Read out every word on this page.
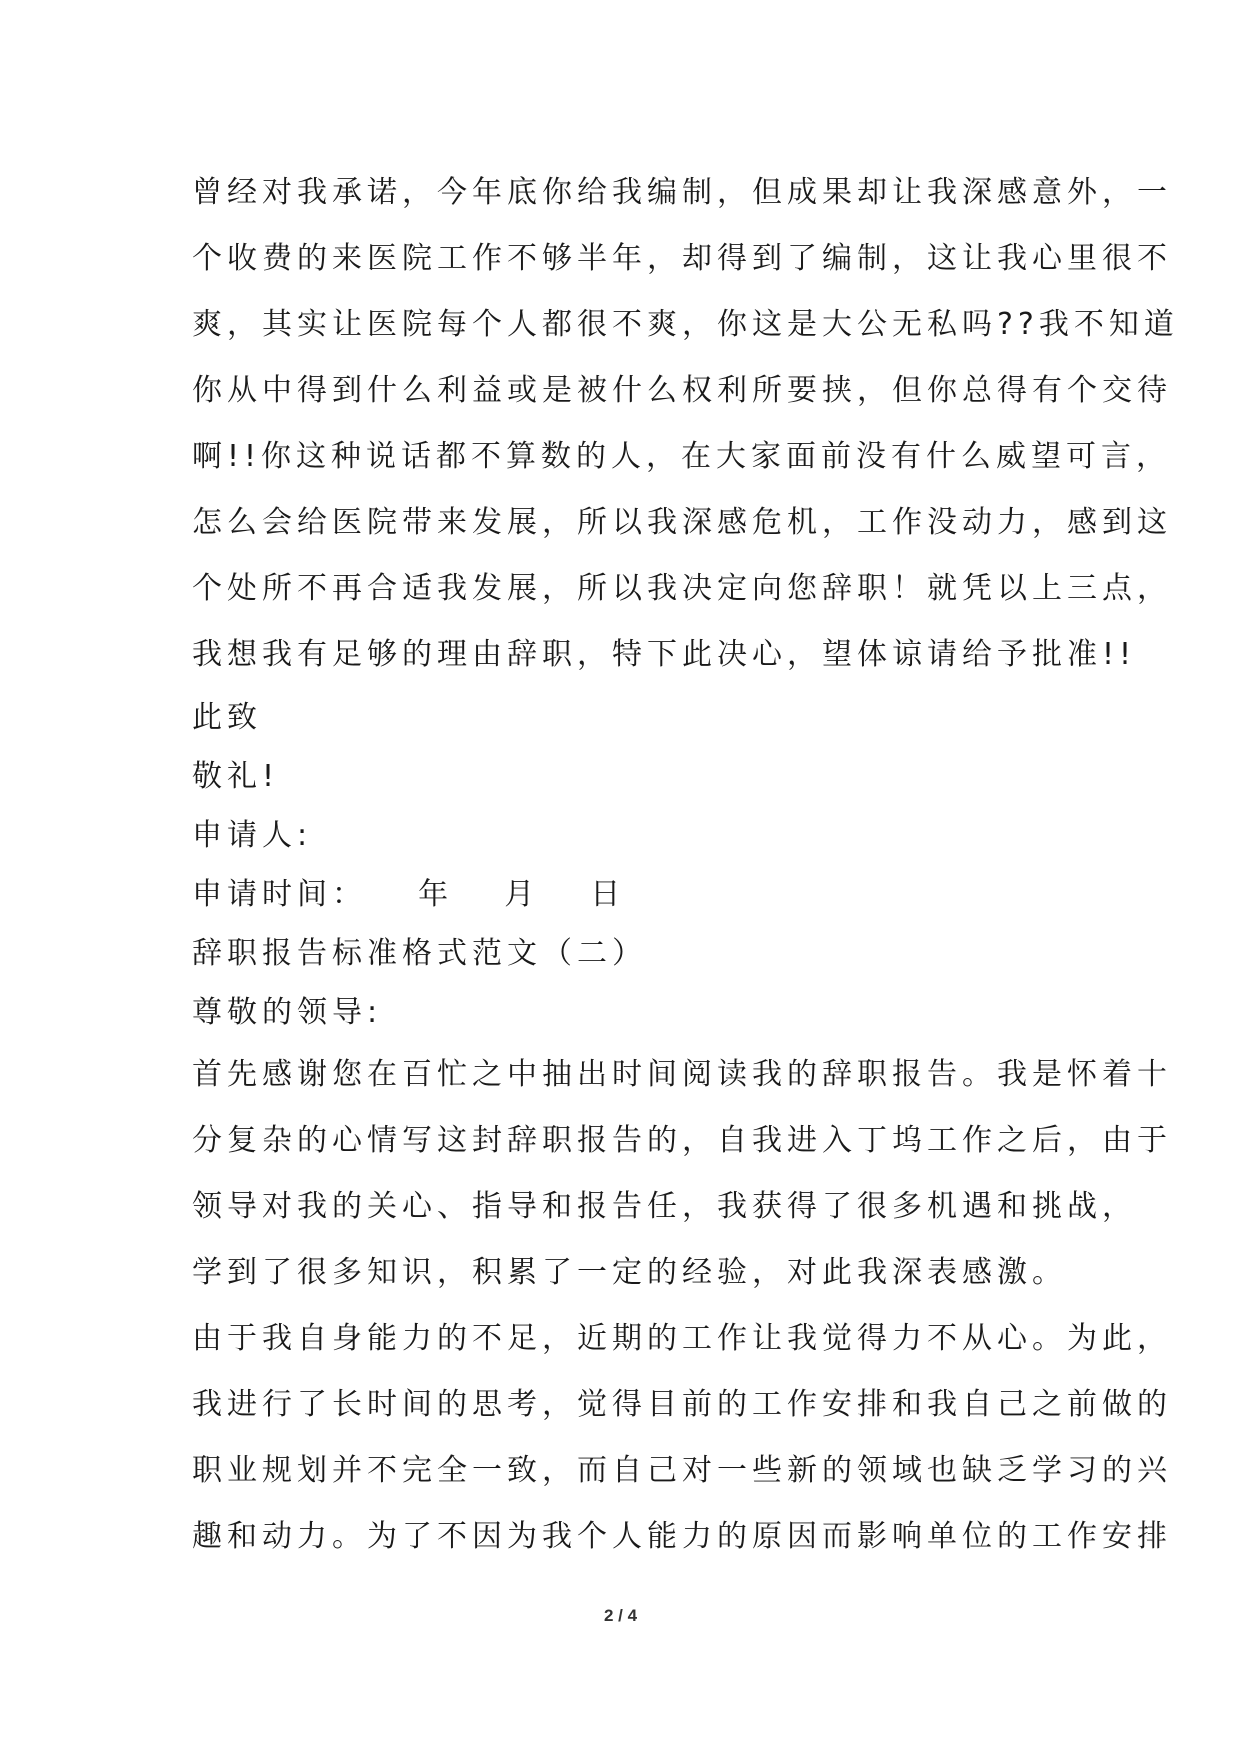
曾经对我承诺，今年底你给我编制，但成果却让我深感意外，一
个收费的来医院工作不够半年，却得到了编制，这让我心里很不
爽，其实让医院每个人都很不爽，你这是大公无私吗??我不知道
你从中得到什么利益或是被什么权利所要挟，但你总得有个交待
啊!!你这种说话都不算数的人，在大家面前没有什么威望可言，
怎么会给医院带来发展，所以我深感危机，工作没动力，感到这
个处所不再合适我发展，所以我决定向您辞职！就凭以上三点，
我想我有足够的理由辞职，特下此决心，望体谅请给予批准!!
此致
敬礼!
申请人:
申请时间： 年 月 日
辞职报告标准格式范文（二）
尊敬的领导:
首先感谢您在百忙之中抽出时间阅读我的辞职报告。我是怀着十
分复杂的心情写这封辞职报告的，自我进入丁坞工作之后，由于
领导对我的关心、指导和报告任，我获得了很多机遇和挑战，
学到了很多知识，积累了一定的经验，对此我深表感激。
由于我自身能力的不足，近期的工作让我觉得力不从心。为此，
我进行了长时间的思考，觉得目前的工作安排和我自己之前做的
职业规划并不完全一致，而自己对一些新的领域也缺乏学习的兴
趣和动力。为了不因为我个人能力的原因而影响单位的工作安排
2 / 4
